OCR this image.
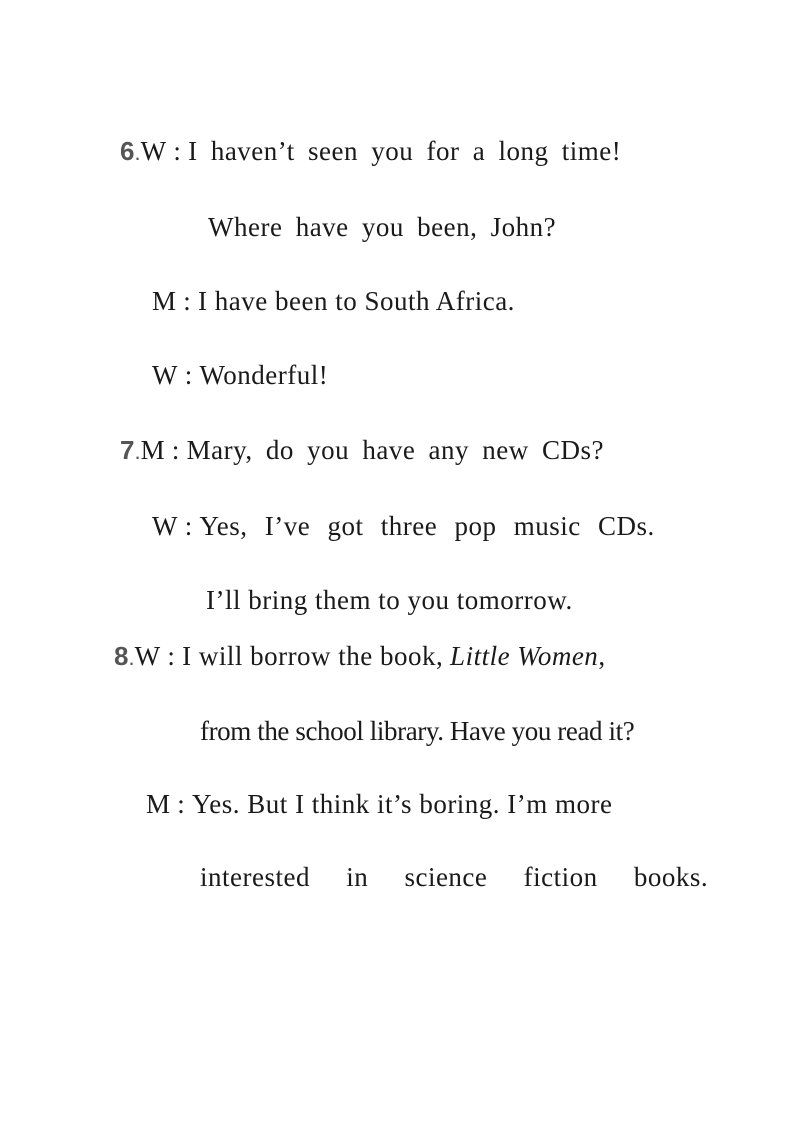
6.W : I haven’t seen you for a long time!
Where have you been, John?
M : I have been to South Africa.
W : Wonderful!
7.M : Mary, do you have any new CDs?
W : Yes, I’ve got three pop music CDs.
I’ll bring them to you tomorrow.
8.W : I will borrow the book, Little Women,
from the school library. Have you read it?
M : Yes. But I think it’s boring. I’m more
interested in science fiction books.
